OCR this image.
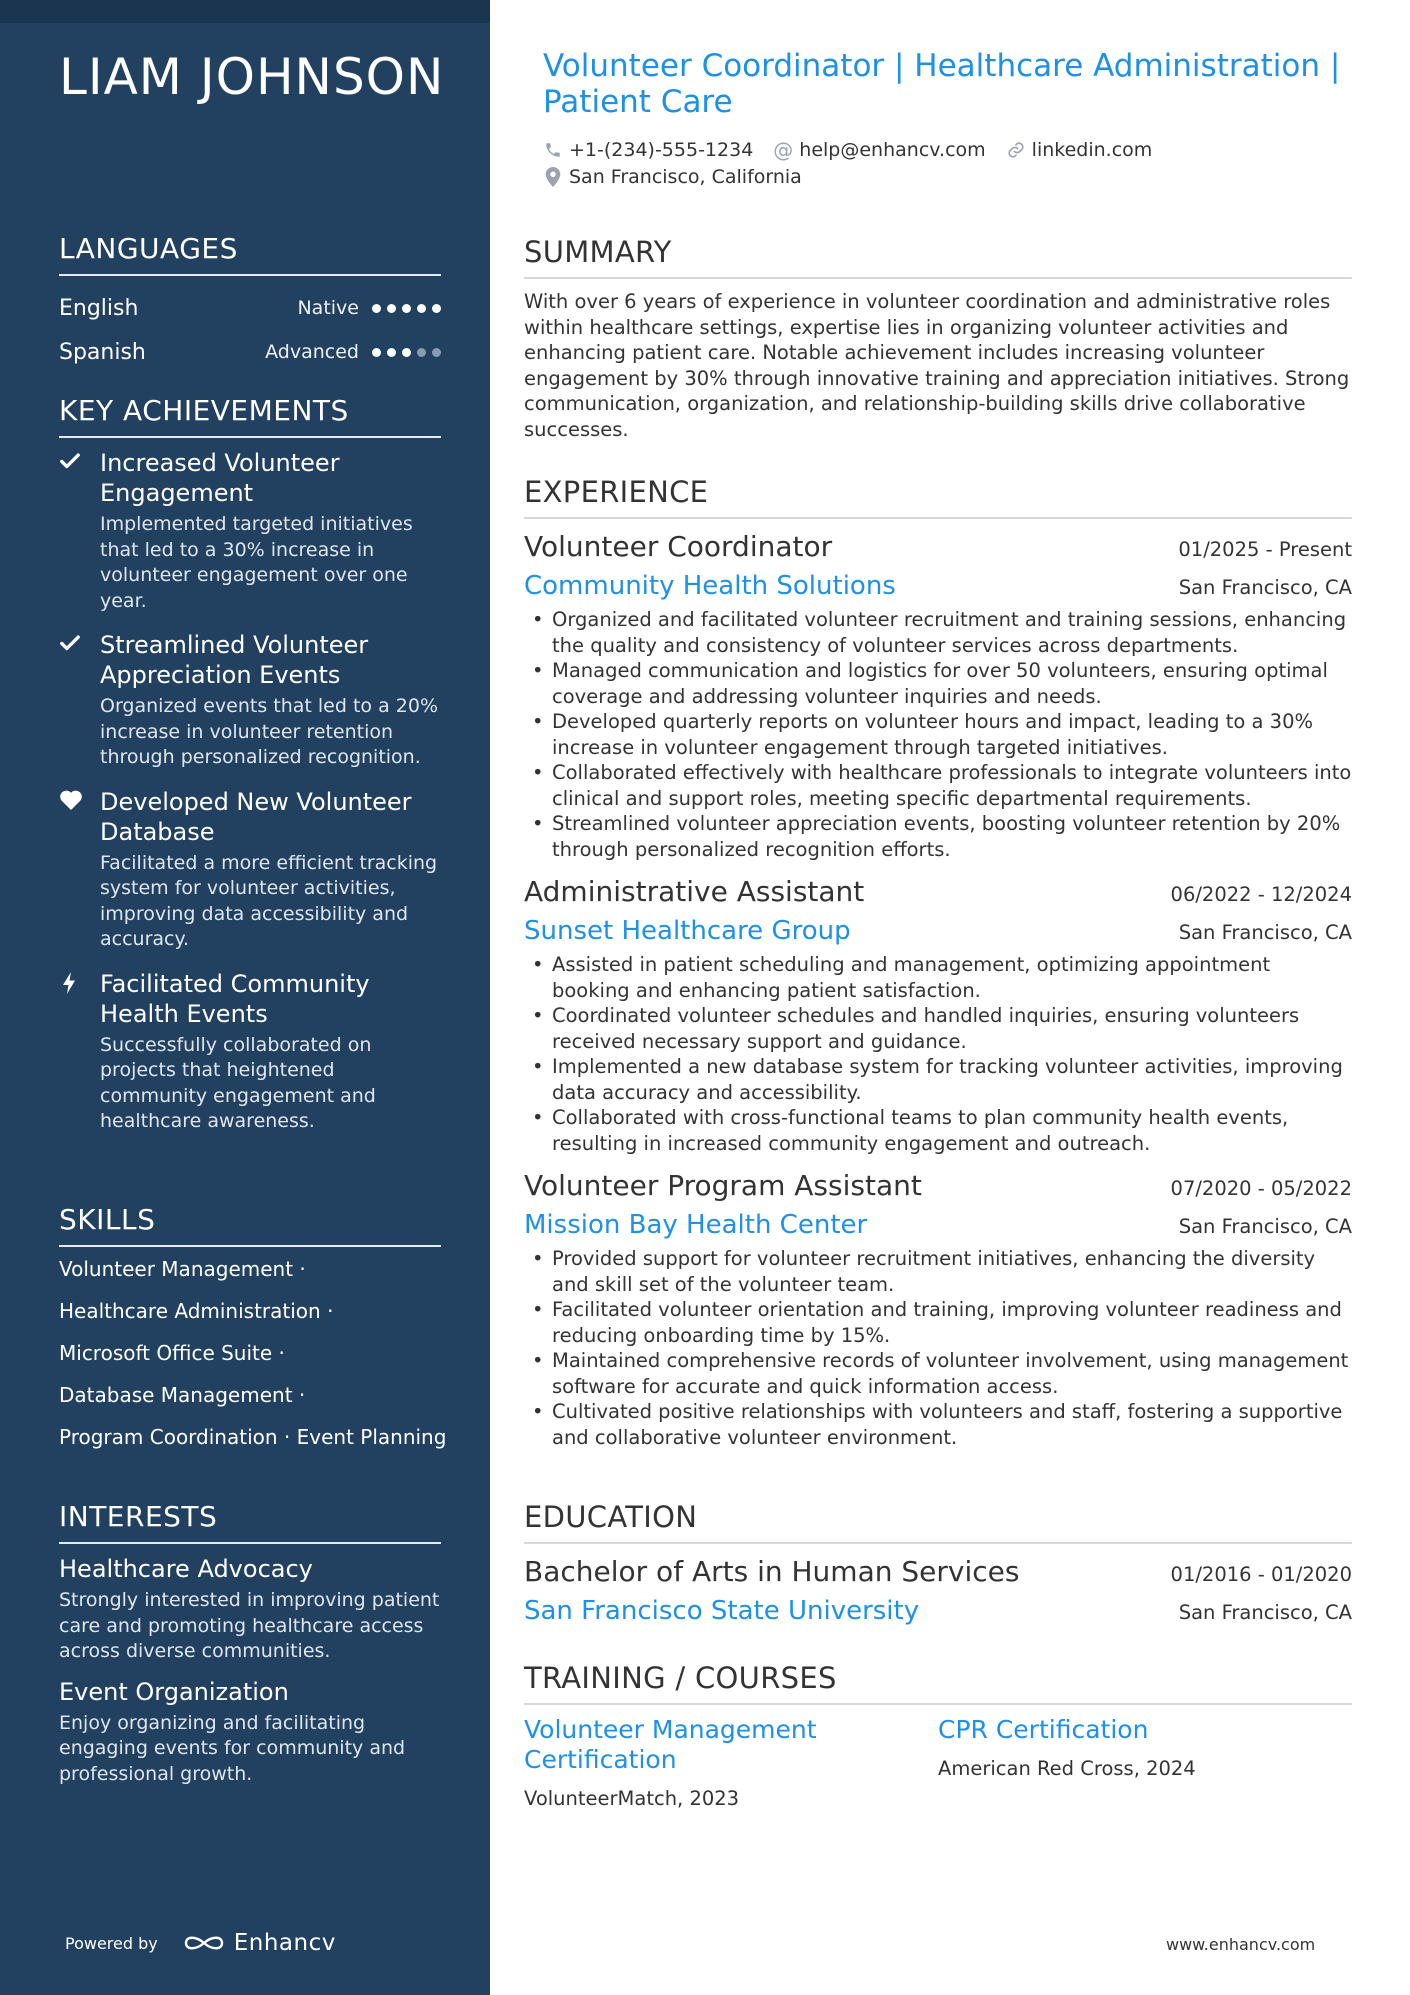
LIAM JOHNSON
LANGUAGES
English	Native
Spanish	Advanced
KEY ACHIEVEMENTS
Increased Volunteer Engagement
Implemented targeted initiatives that led to a 30% increase in volunteer engagement over one year.
Streamlined Volunteer Appreciation Events
Organized events that led to a 20% increase in volunteer retention through personalized recognition.
Developed New Volunteer Database
Facilitated a more efficient tracking system for volunteer activities, improving data accessibility and accuracy.
Facilitated Community Health Events
Successfully collaborated on projects that heightened community engagement and healthcare awareness.
SKILLS
Volunteer Management ·
Healthcare Administration ·
Microsoft Office Suite ·
Database Management ·
Program Coordination · Event Planning
INTERESTS
Healthcare Advocacy
Strongly interested in improving patient care and promoting healthcare access across diverse communities.
Event Organization
Enjoy organizing and facilitating engaging events for community and professional growth.
Powered by	Enhancv
Volunteer Coordinator | Healthcare Administration | Patient Care
+1-(234)-555-1234 @ help@enhancv.com linkedin.com
San Francisco, California
SUMMARY
With over 6 years of experience in volunteer coordination and administrative roles within healthcare settings, expertise lies in organizing volunteer activities and enhancing patient care. Notable achievement includes increasing volunteer engagement by 30% through innovative training and appreciation initiatives. Strong communication, organization, and relationship-building skills drive collaborative successes.
EXPERIENCE
Volunteer Coordinator	01/2025 - Present
Community Health Solutions	San Francisco, CA
• Organized and facilitated volunteer recruitment and training sessions, enhancing the quality and consistency of volunteer services across departments.
• Managed communication and logistics for over 50 volunteers, ensuring optimal coverage and addressing volunteer inquiries and needs.
• Developed quarterly reports on volunteer hours and impact, leading to a 30% increase in volunteer engagement through targeted initiatives.
• Collaborated effectively with healthcare professionals to integrate volunteers into clinical and support roles, meeting specific departmental requirements.
• Streamlined volunteer appreciation events, boosting volunteer retention by 20% through personalized recognition efforts.
Administrative Assistant	06/2022 - 12/2024
Sunset Healthcare Group	San Francisco, CA
• Assisted in patient scheduling and management, optimizing appointment booking and enhancing patient satisfaction.
• Coordinated volunteer schedules and handled inquiries, ensuring volunteers received necessary support and guidance.
• Implemented a new database system for tracking volunteer activities, improving data accuracy and accessibility.
• Collaborated with cross-functional teams to plan community health events, resulting in increased community engagement and outreach.
Volunteer Program Assistant	07/2020 - 05/2022
Mission Bay Health Center	San Francisco, CA
• Provided support for volunteer recruitment initiatives, enhancing the diversity and skill set of the volunteer team.
• Facilitated volunteer orientation and training, improving volunteer readiness and reducing onboarding time by 15%.
• Maintained comprehensive records of volunteer involvement, using management software for accurate and quick information access.
• Cultivated positive relationships with volunteers and staff, fostering a supportive and collaborative volunteer environment.
EDUCATION
Bachelor of Arts in Human Services	01/2016 - 01/2020
San Francisco State University	San Francisco, CA
TRAINING / COURSES
Volunteer Management Certification
VolunteerMatch, 2023
CPR Certification
American Red Cross, 2024
www.enhancv.com
